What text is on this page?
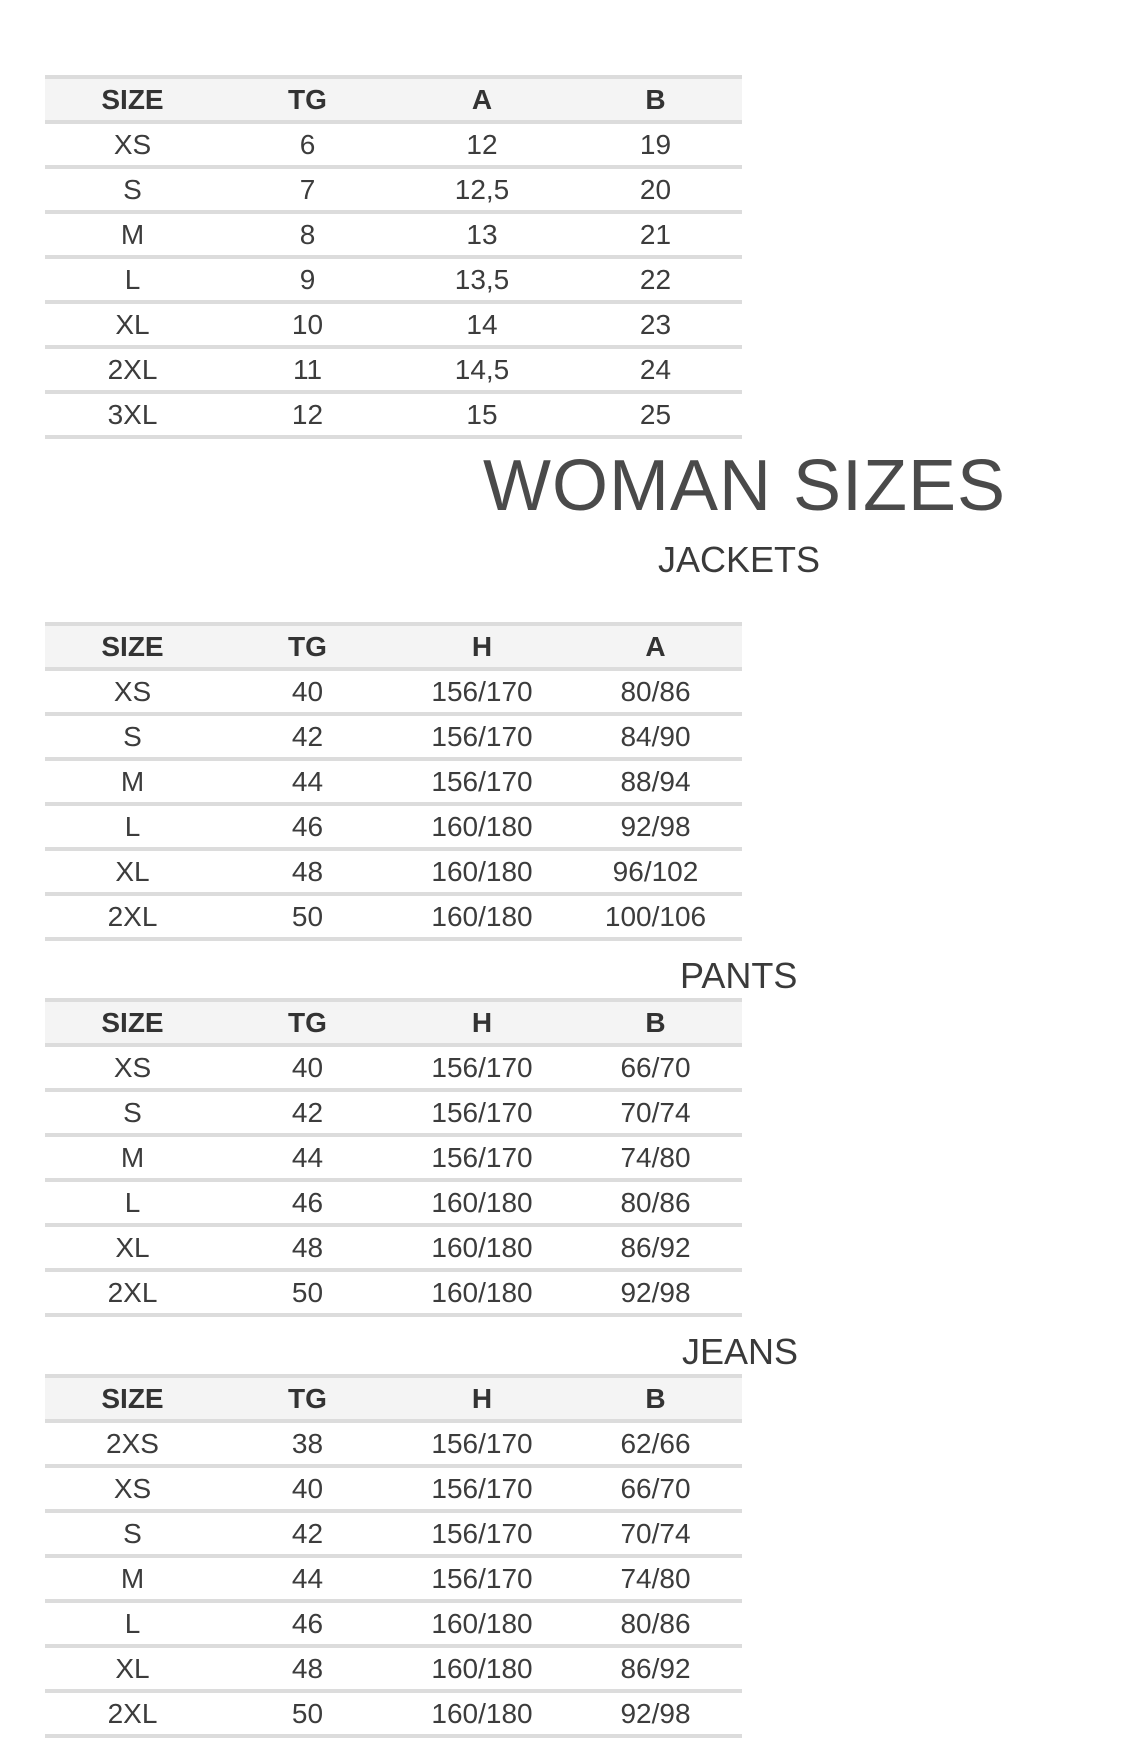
SIZE	TG	A	B
XS	6	12	19
S	7	12,5	20
M	8	13	21
L	9	13,5	22
XL	10	14	23
2XL	11	14,5	24
3XL	12	15	25
WOMAN SIZES
JACKETS
SIZE	TG	H	A
XS	40	156/170	80/86
S	42	156/170	84/90
M	44	156/170	88/94
L	46	160/180	92/98
XL	48	160/180	96/102
2XL	50	160/180	100/106
PANTS
SIZE	TG	H	B
XS	40	156/170	66/70
S	42	156/170	70/74
M	44	156/170	74/80
L	46	160/180	80/86
XL	48	160/180	86/92
2XL	50	160/180	92/98
JEANS
SIZE	TG	H	B
2XS	38	156/170	62/66
XS	40	156/170	66/70
S	42	156/170	70/74
M	44	156/170	74/80
L	46	160/180	80/86
XL	48	160/180	86/92
2XL	50	160/180	92/98
